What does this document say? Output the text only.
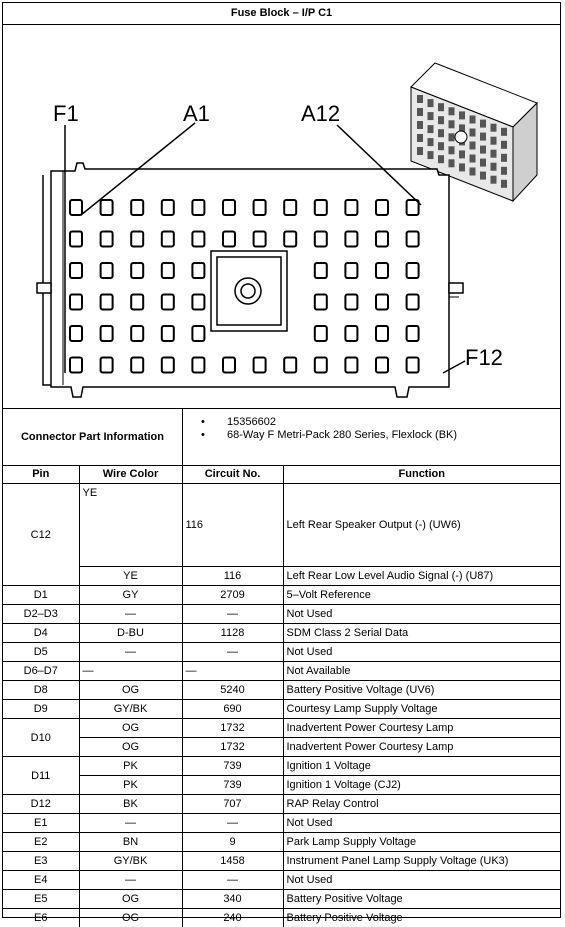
Fuse Block – I/P C1
F1	A1	A12
F12
Connector Part Information
• 15356602
• 68-Way F Metri-Pack 280 Series, Flexlock (BK)
Pin	Wire Color	Circuit No.	Function
C12	YE	116	Left Rear Speaker Output (-) (UW6)
	YE	116	Left Rear Low Level Audio Signal (-) (U87)
D1	GY	2709	5–Volt Reference
D2–D3	—	—	Not Used
D4	D-BU	1128	SDM Class 2 Serial Data
D5	—	—	Not Used
D6–D7	—	—	Not Available
D8	OG	5240	Battery Positive Voltage (UV6)
D9	GY/BK	690	Courtesy Lamp Supply Voltage
D10	OG	1732	Inadvertent Power Courtesy Lamp
	OG	1732	Inadvertent Power Courtesy Lamp
D11	PK	739	Ignition 1 Voltage
	PK	739	Ignition 1 Voltage (CJ2)
D12	BK	707	RAP Relay Control
E1	—	—	Not Used
E2	BN	9	Park Lamp Supply Voltage
E3	GY/BK	1458	Instrument Panel Lamp Supply Voltage (UK3)
E4	—	—	Not Used
E5	OG	340	Battery Positive Voltage
E6	OG	240	Battery Positive Voltage
